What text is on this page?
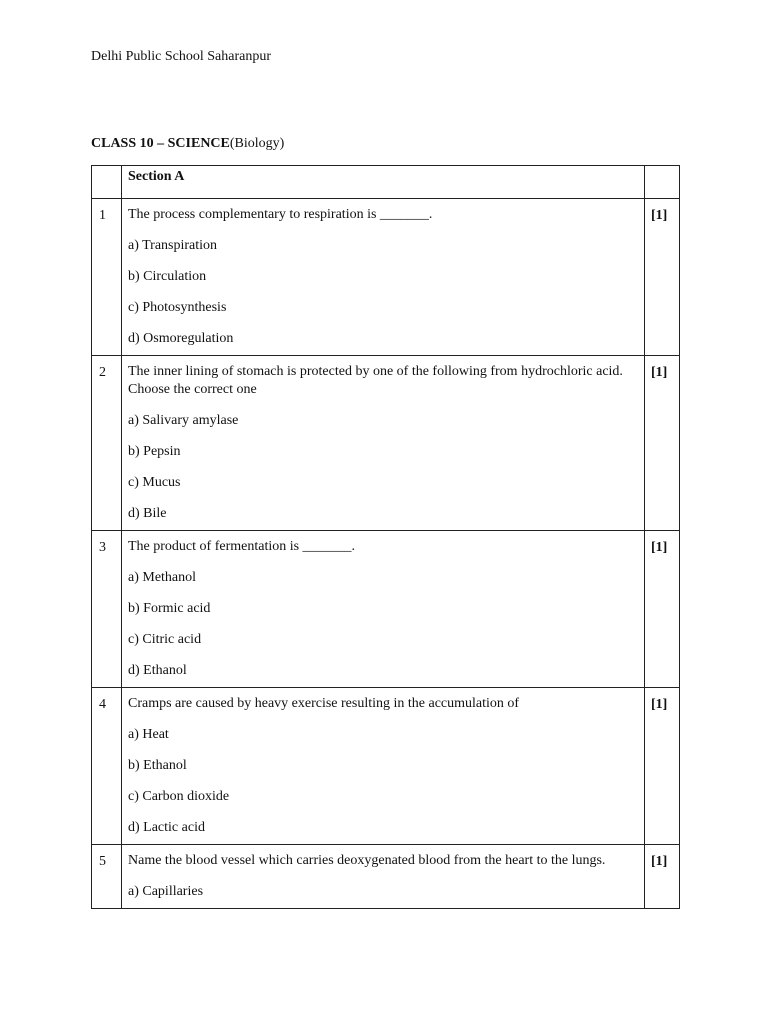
Delhi Public School Saharanpur
CLASS 10 – SCIENCE(Biology)
	Section A	
1	The process complementary to respiration is _______.
a) Transpiration
b) Circulation
c) Photosynthesis
d) Osmoregulation	[1]
2	The inner lining of stomach is protected by one of the following from hydrochloric acid. Choose the correct one
a) Salivary amylase
b) Pepsin
c) Mucus
d) Bile	[1]
3	The product of fermentation is _______.
a) Methanol
b) Formic acid
c) Citric acid
d) Ethanol	[1]
4	Cramps are caused by heavy exercise resulting in the accumulation of
a) Heat
b) Ethanol
c) Carbon dioxide
d) Lactic acid	[1]
5	Name the blood vessel which carries deoxygenated blood from the heart to the lungs.
a) Capillaries	[1]
